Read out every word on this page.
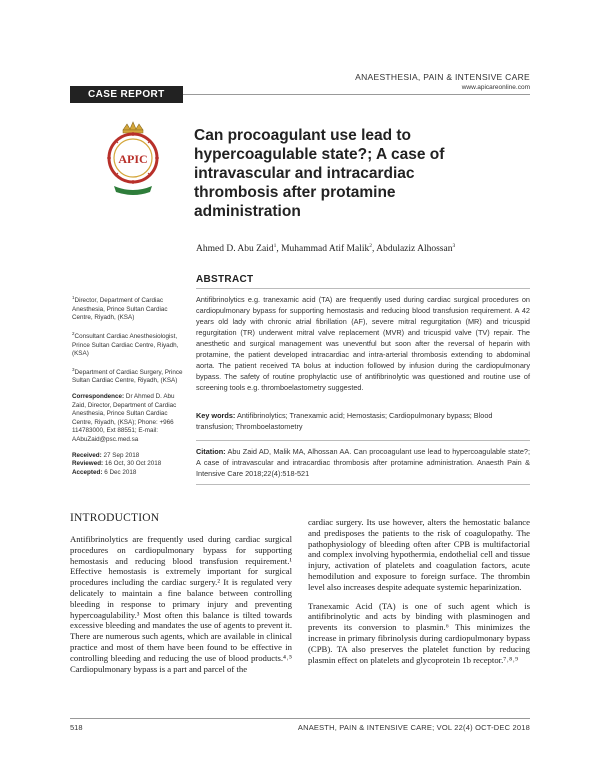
ANAESTHESIA, PAIN & INTENSIVE CARE
www.apicareonline.com
CASE REPORT
APIC
Can procoagulant use lead to hypercoagulable state?; A case of intravascular and intracardiac thrombosis after protamine administration
Ahmed D. Abu Zaid$^1$, Muhammad Atif Malik$^2$, Abdulaziz Alhossan$^3$
ABSTRACT
Antifibrinolytics e.g. tranexamic acid (TA) are frequently used during cardiac surgical procedures on cardiopulmonary bypass for supporting hemostasis and reducing blood transfusion requirement. A 42 years old lady with chronic atrial fibrillation (AF), severe mitral regurgitation (MR) and tricuspid regurgitation (TR) underwent mitral valve replacement (MVR) and tricuspid valve (TV) repair. The anesthetic and surgical management was uneventful but soon after the reversal of heparin with protamine, the patient developed intracardiac and intra-arterial thrombosis extending to abdominal aorta. The patient received TA bolus at induction followed by infusion during the cardiopulmonary bypass. The safety of routine prophylactic use of antifibrinolytic was questioned and routine use of screening tools e.g. thromboelastometry suggested.
Key words: Antifibrinolytics; Tranexamic acid; Hemostasis; Cardiopulmonary bypass; Blood transfusion; Thromboelastometry
Citation: Abu Zaid AD, Malik MA, Alhossan AA. Can procoagulant use lead to hypercoagulable state?; A case of intravascular and intracardiac thrombosis after protamine administration. Anaesth Pain & Intensive Care 2018;22(4):518-521

$^1$Director, Department of Cardiac Anesthesia, Prince Sultan Cardiac Centre, Riyadh, (KSA)

$^2$Consultant Cardiac Anesthesiologist, Prince Sultan Cardiac Centre, Riyadh, (KSA)

$^3$Department of Cardiac Surgery, Prince Sultan Cardiac Centre, Riyadh, (KSA)

Correspondence: Dr Ahmed D. Abu Zaid, Director, Department of Cardiac Anesthesia, Prince Sultan Cardiac Centre, Riyadh, (KSA); Phone: +966 114783000, Ext 88551; E-mail: AAbuZaid@psc.med.sa

Received: 27 Sep 2018
Reviewed: 16 Oct, 30 Oct 2018
Accepted: 6 Dec 2018
INTRODUCTION

Antifibrinolytics are frequently used during cardiac surgical procedures on cardiopulmonary bypass for supporting hemostasis and reducing blood transfusion requirement.¹ Effective hemostasis is extremely important for surgical procedures including the cardiac surgery.² It is regulated very delicately to maintain a fine balance between controlling bleeding in response to primary injury and preventing hypercoagulability.³ Most often this balance is tilted towards excessive bleeding and mandates the use of agents to prevent it. There are numerous such agents, which are available in clinical practice and most of them have been found to be effective in controlling bleeding and reducing the use of blood products.⁴˒⁵ Cardiopulmonary bypass is a part and parcel of the

cardiac surgery. Its use however, alters the hemostatic balance and predisposes the patients to the risk of coagulopathy. The pathophysiology of bleeding often after CPB is multifactorial and complex involving hypothermia, endothelial cell and tissue injury, activation of platelets and coagulation factors, acute hemodilution and exposure to foreign surface. The thrombin level also increases despite adequate systemic heparinization.

Tranexamic Acid (TA) is one of such agent which is antifibrinolytic and acts by binding with plasminogen and prevents its conversion to plasmin.⁶ This minimizes the increase in primary fibrinolysis during cardiopulmonary bypass (CPB). TA also preserves the platelet function by reducing plasmin effect on platelets and glycoprotein 1b receptor.⁷˒⁸˒⁹

518	ANAESTH, PAIN & INTENSIVE CARE; VOL 22(4) OCT-DEC 2018
